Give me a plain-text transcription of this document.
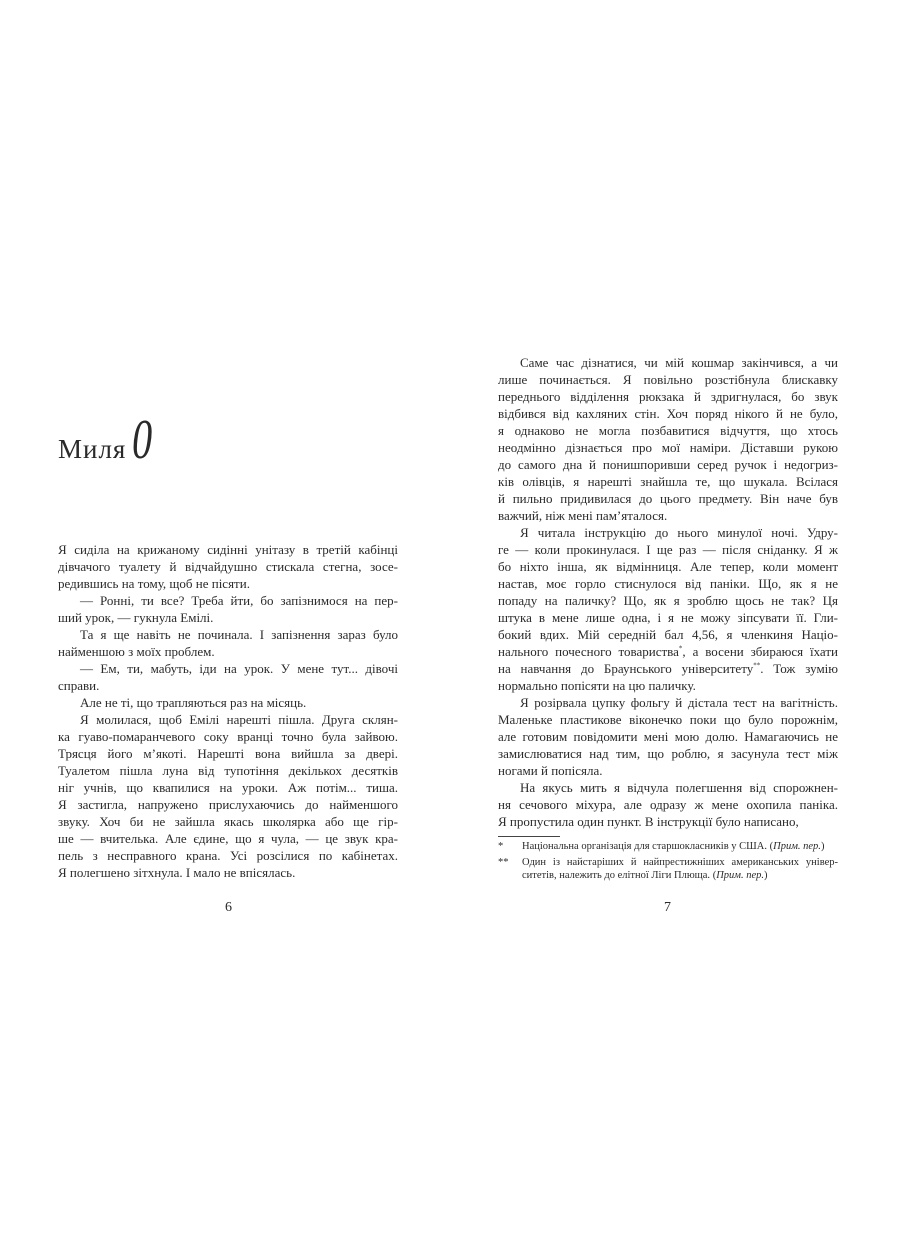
Миля 0
Я сиділа на крижаному сидінні унітазу в третій кабінці
дівчачого туалету й відчайдушно стискала стегна, зосе-
редившись на тому, щоб не пісяти.
— Ронні, ти все? Треба йти, бо запізнимося на пер-
ший урок, — гукнула Емілі.
Та я ще навіть не починала. І запізнення зараз було
найменшою з моїх проблем.
— Ем, ти, мабуть, іди на урок. У мене тут... дівочі
справи.
Але не ті, що трапляються раз на місяць.
Я молилася, щоб Емілі нарешті пішла. Друга склян-
ка гуаво-помаранчевого соку вранці точно була зайвою.
Трясця його м’якоті. Нарешті вона вийшла за двері.
Туалетом пішла луна від тупотіння декількох десятків
ніг учнів, що квапилися на уроки. Аж потім... тиша.
Я застигла, напружено прислухаючись до найменшого
звуку. Хоч би не зайшла якась школярка або ще гір-
ше — вчителька. Але єдине, що я чула, — це звук кра-
пель з несправного крана. Усі розсілися по кабінетах.
Я полегшено зітхнула. І мало не впісялась.
6
Саме час дізнатися, чи мій кошмар закінчився, а чи
лише починається. Я повільно розстібнула блискавку
переднього відділення рюкзака й здригнулася, бо звук
відбився від кахляних стін. Хоч поряд нікого й не було,
я однаково не могла позбавитися відчуття, що хтось
неодмінно дізнається про мої наміри. Діставши рукою
до самого дна й понишпоривши серед ручок і недогриз-
ків олівців, я нарешті знайшла те, що шукала. Всілася
й пильно придивилася до цього предмету. Він наче був
важчий, ніж мені пам’яталося.
Я читала інструкцію до нього минулої ночі. Удру-
ге — коли прокинулася. І ще раз — після сніданку. Я ж
бо ніхто інша, як відмінниця. Але тепер, коли момент
настав, моє горло стиснулося від паніки. Що, як я не
попаду на паличку? Що, як я зроблю щось не так? Ця
штука в мене лише одна, і я не можу зіпсувати її. Гли-
бокий вдих. Мій середній бал 4,56, я членкиня Націо-
нального почесного товариства*, а восени збираюся їхати
на навчання до Браунського університету**. Тож зумію
нормально попісяти на цю паличку.
Я розірвала цупку фольгу й дістала тест на вагітність.
Маленьке пластикове віконечко поки що було порожнім,
але готовим повідомити мені мою долю. Намагаючись не
замислюватися над тим, що роблю, я засунула тест між
ногами й попісяла.
На якусь мить я відчула полегшення від спорожнен-
ня сечового міхура, але одразу ж мене охопила паніка.
Я пропустила один пункт. В інструкції було написано,
*	Національна організація для старшокласників у США. (Прим. пер.)
**	Один із найстаріших й найпрестижніших американських університетів, належить до елітної Ліги Плюща. (Прим. пер.)
7
